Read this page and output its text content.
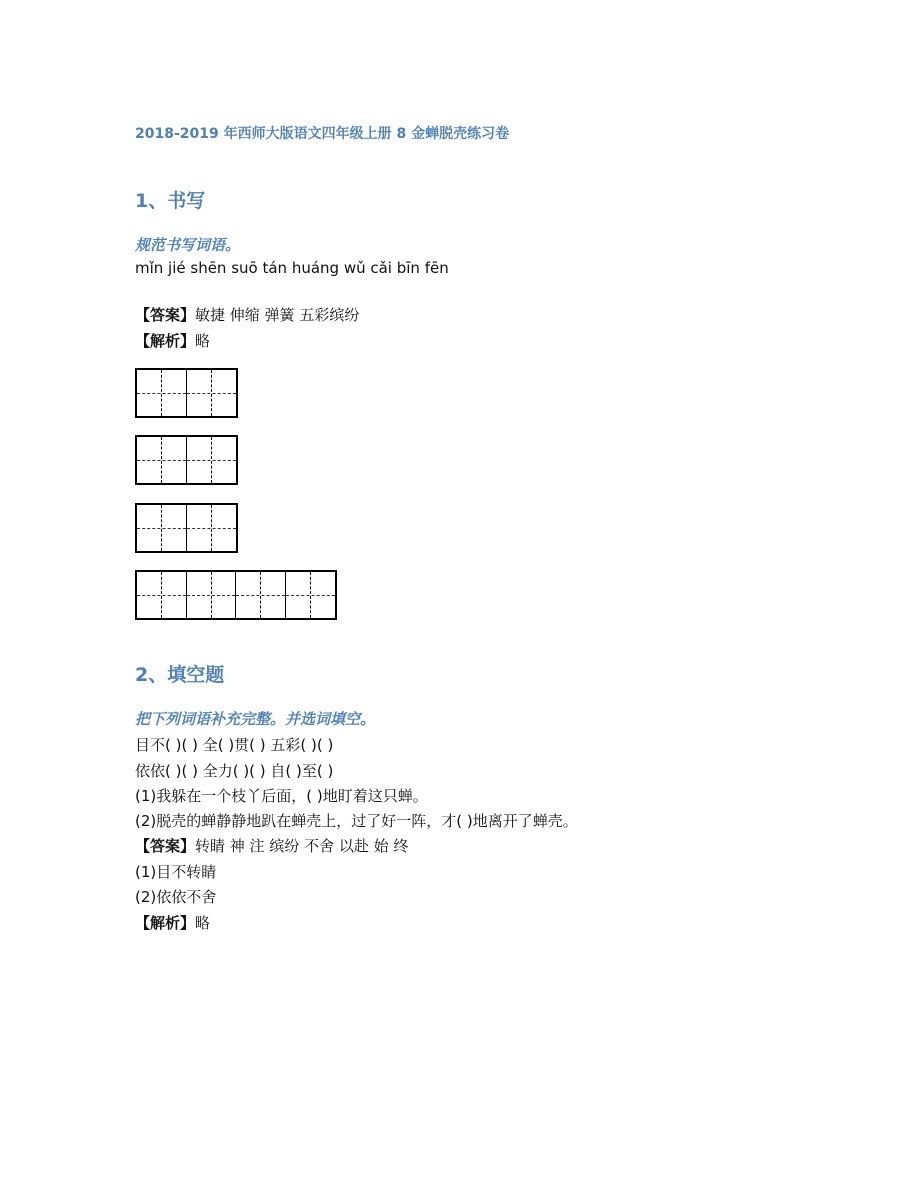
2018-2019 年西师大版语文四年级上册 8 金蝉脱壳练习卷
1、书写
规范书写词语。
mǐn jié shēn suō tán huáng wǔ cǎi bīn fēn
【答案】敏捷 伸缩 弹簧 五彩缤纷
【解析】略
2、填空题
把下列词语补充完整。并选词填空。
目不( )( ) 全( )贯( ) 五彩( )( )
依依( )( ) 全力( )( ) 自( )至( )
(1)我躲在一个枝丫后面，( )地盯着这只蝉。
(2)脱壳的蝉静静地趴在蝉壳上，过了好一阵，才( )地离开了蝉壳。
【答案】转睛 神 注 缤纷 不舍 以赴 始 终
(1)目不转睛
(2)依依不舍
【解析】略
